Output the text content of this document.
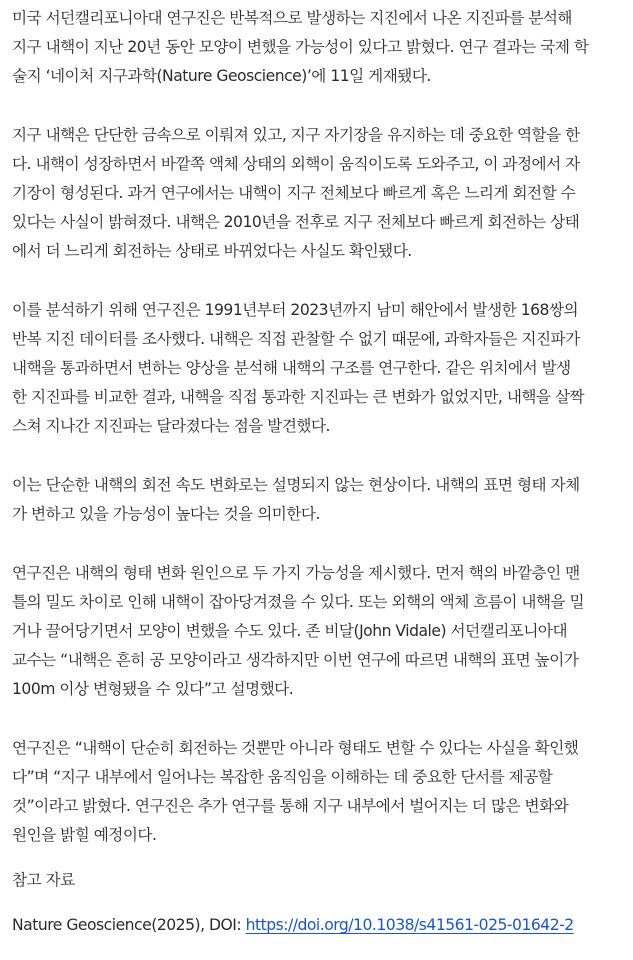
미국 서던캘리포니아대 연구진은 반복적으로 발생하는 지진에서 나온 지진파를 분석해
지구 내핵이 지난 20년 동안 모양이 변했을 가능성이 있다고 밝혔다. 연구 결과는 국제 학
술지 ‘네이처 지구과학(Nature Geoscience)’에 11일 게재됐다.

지구 내핵은 단단한 금속으로 이뤄져 있고, 지구 자기장을 유지하는 데 중요한 역할을 한
다. 내핵이 성장하면서 바깥쪽 액체 상태의 외핵이 움직이도록 도와주고, 이 과정에서 자
기장이 형성된다. 과거 연구에서는 내핵이 지구 전체보다 빠르게 혹은 느리게 회전할 수
있다는 사실이 밝혀졌다. 내핵은 2010년을 전후로 지구 전체보다 빠르게 회전하는 상태
에서 더 느리게 회전하는 상태로 바뀌었다는 사실도 확인됐다.

이를 분석하기 위해 연구진은 1991년부터 2023년까지 남미 해안에서 발생한 168쌍의
반복 지진 데이터를 조사했다. 내핵은 직접 관찰할 수 없기 때문에, 과학자들은 지진파가
내핵을 통과하면서 변하는 양상을 분석해 내핵의 구조를 연구한다. 같은 위치에서 발생
한 지진파를 비교한 결과, 내핵을 직접 통과한 지진파는 큰 변화가 없었지만, 내핵을 살짝
스쳐 지나간 지진파는 달라졌다는 점을 발견했다.

이는 단순한 내핵의 회전 속도 변화로는 설명되지 않는 현상이다. 내핵의 표면 형태 자체
가 변하고 있을 가능성이 높다는 것을 의미한다.

연구진은 내핵의 형태 변화 원인으로 두 가지 가능성을 제시했다. 먼저 핵의 바깥층인 맨
틀의 밀도 차이로 인해 내핵이 잡아당겨졌을 수 있다. 또는 외핵의 액체 흐름이 내핵을 밀
거나 끌어당기면서 모양이 변했을 수도 있다. 존 비달(John Vidale) 서던캘리포니아대
교수는 “내핵은 흔히 공 모양이라고 생각하지만 이번 연구에 따르면 내핵의 표면 높이가
100m 이상 변형됐을 수 있다”고 설명했다.

연구진은 “내핵이 단순히 회전하는 것뿐만 아니라 형태도 변할 수 있다는 사실을 확인했
다”며 “지구 내부에서 일어나는 복잡한 움직임을 이해하는 데 중요한 단서를 제공할
것”이라고 밝혔다. 연구진은 추가 연구를 통해 지구 내부에서 벌어지는 더 많은 변화와
원인을 밝힐 예정이다.

참고 자료

Nature Geoscience(2025), DOI: https://doi.org/10.1038/s41561-025-01642-2
